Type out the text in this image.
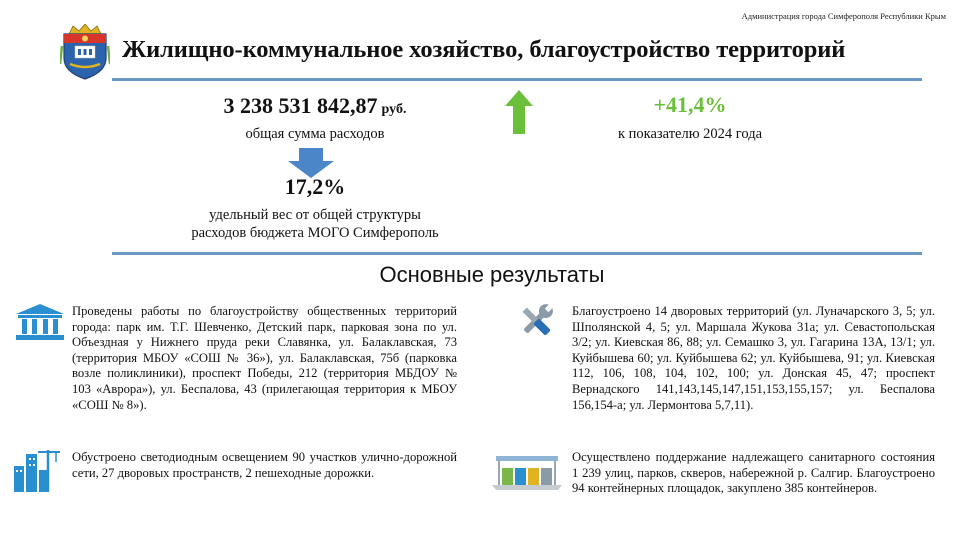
Администрация города Симферополя Республики Крым
Жилищно-коммунальное хозяйство, благоустройство территорий
3 238 531 842,87 руб.
общая сумма расходов
17,2%
удельный вес от общей структуры
расходов бюджета МОГО Симферополь
+41,4%
к показателю 2024 года
Основные результаты
Проведены работы по благоустройству общественных территорий города: парк им. Т.Г. Шевченко, Детский парк, парковая зона по ул. Объездная у Нижнего пруда реки Славянка, ул. Балаклавская, 73 (территория МБОУ «СОШ № 36»), ул. Балаклавская, 75б (парковка возле поликлиники), проспект Победы, 212 (территория МБДОУ № 103 «Аврора»), ул. Беспалова, 43 (прилегающая территория к МБОУ «СОШ № 8»).
Благоустроено 14 дворовых территорий (ул. Луначарского 3, 5; ул. Шполянской 4, 5; ул. Маршала Жукова 31а; ул. Севастопольская 3/2; ул. Киевская 86, 88; ул. Семашко 3, ул. Гагарина 13А, 13/1; ул. Куйбышева 60; ул. Куйбышева 62; ул. Куйбышева, 91; ул. Киевская 112, 106, 108, 104, 102, 100; ул. Донская 45, 47; проспект Вернадского 141,143,145,147,151,153,155,157; ул. Беспалова 156,154-а; ул. Лермонтова 5,7,11).
Обустроено светодиодным освещением 90 участков улично-дорожной сети, 27 дворовых пространств, 2 пешеходные дорожки.
Осуществлено поддержание надлежащего санитарного состояния 1 239 улиц, парков, скверов, набережной р. Салгир. Благоустроено 94 контейнерных площадок, закуплено 385 контейнеров.
